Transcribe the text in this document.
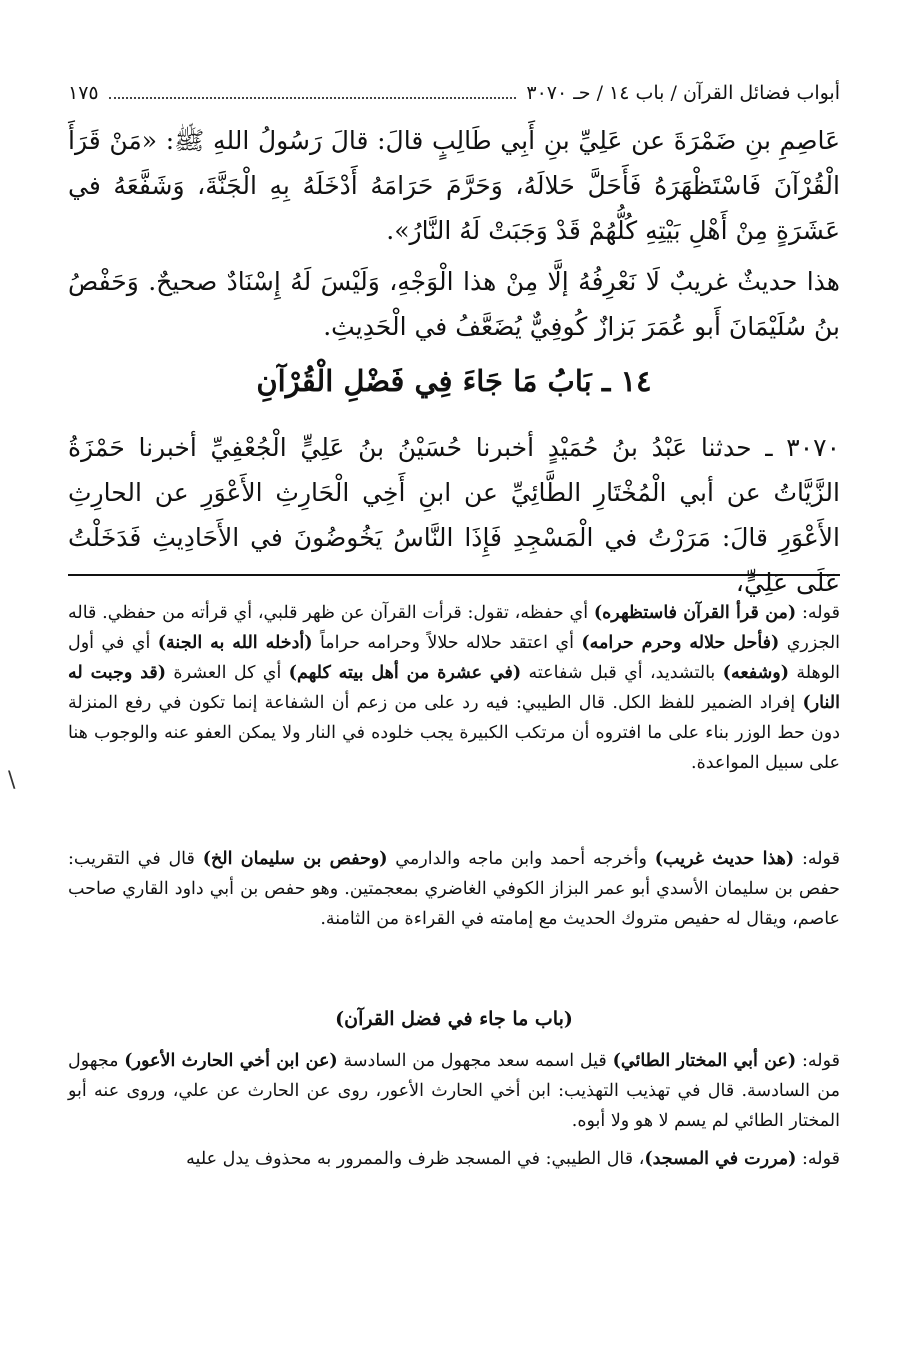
أبواب فضائل القرآن / باب ١٤ / حـ ٣٠٧٠
١٧٥

عَاصِمِ بنِ ضَمْرَةَ عن عَلِيِّ بنِ أَبِي طَالِبٍ قالَ: قالَ رَسُولُ اللهِ ﷺ: «مَنْ قَرَأَ الْقُرْآنَ فَاسْتَظْهَرَهُ فَأَحَلَّ حَلالَهُ، وَحَرَّمَ حَرَامَهُ أَدْخَلَهُ بِهِ الْجَنَّةَ، وَشَفَّعَهُ في عَشَرَةٍ مِنْ أَهْلِ بَيْتِهِ كُلُّهُمْ قَدْ وَجَبَتْ لَهُ النَّارُ».

هذا حديثٌ غريبٌ لَا نَعْرِفُهُ إلَّا مِنْ هذا الْوَجْهِ، وَلَيْسَ لَهُ إِسْنَادٌ صحيحٌ. وَحَفْصُ بنُ سُلَيْمَانَ أَبو عُمَرَ بَزازٌ كُوفِيٌّ يُضَعَّفُ في الْحَدِيثِ.

١٤ ـ بَابُ مَا جَاءَ فِي فَضْلِ الْقُرْآنِ

٣٠٧٠ ـ حدثنا عَبْدُ بنُ حُمَيْدٍ أخبرنا حُسَيْنُ بنُ عَلِيٍّ الْجُعْفِيِّ أخبرنا حَمْزَةُ الزَّيَّاتُ عن أبي الْمُخْتَارِ الطَّائِيِّ عن ابنِ أَخِي الْحَارِثِ الأَعْوَرِ عن الحارِثِ الأَعْوَرِ قالَ: مَرَرْتُ في الْمَسْجِدِ فَإِذَا النَّاسُ يَخُوضُونَ في الأَحَادِيثِ فَدَخَلْتُ عَلَى عَلِيٍّ،

قوله: (من قرأ القرآن فاستظهره) أي حفظه، تقول: قرأت القرآن عن ظهر قلبي، أي قرأته من حفظي. قاله الجزري (فأحل حلاله وحرم حرامه) أي اعتقد حلاله حلالاً وحرامه حراماً (أدخله الله به الجنة) أي في أول الوهلة (وشفعه) بالتشديد، أي قبل شفاعته (في عشرة من أهل بيته كلهم) أي كل العشرة (قد وجبت له النار) إفراد الضمير للفظ الكل. قال الطيبي: فيه رد على من زعم أن الشفاعة إنما تكون في رفع المنزلة دون حط الوزر بناء على ما افتروه أن مرتكب الكبيرة يجب خلوده في النار ولا يمكن العفو عنه والوجوب هنا على سبيل المواعدة.

قوله: (هذا حديث غريب) وأخرجه أحمد وابن ماجه والدارمي (وحفص بن سليمان الخ) قال في التقريب: حفص بن سليمان الأسدي أبو عمر البزاز الكوفي الغاضري بمعجمتين. وهو حفص بن أبي داود القاري صاحب عاصم، ويقال له حفيص متروك الحديث مع إمامته في القراءة من الثامنة.

(باب ما جاء في فضل القرآن)

قوله: (عن أبي المختار الطائي) قيل اسمه سعد مجهول من السادسة (عن ابن أخي الحارث الأعور) مجهول من السادسة. قال في تهذيب التهذيب: ابن أخي الحارث الأعور، روى عن الحارث عن علي، وروى عنه أبو المختار الطائي لم يسم لا هو ولا أبوه.

قوله: (مررت في المسجد)، قال الطيبي: في المسجد ظرف والممرور به محذوف يدل عليه

\
